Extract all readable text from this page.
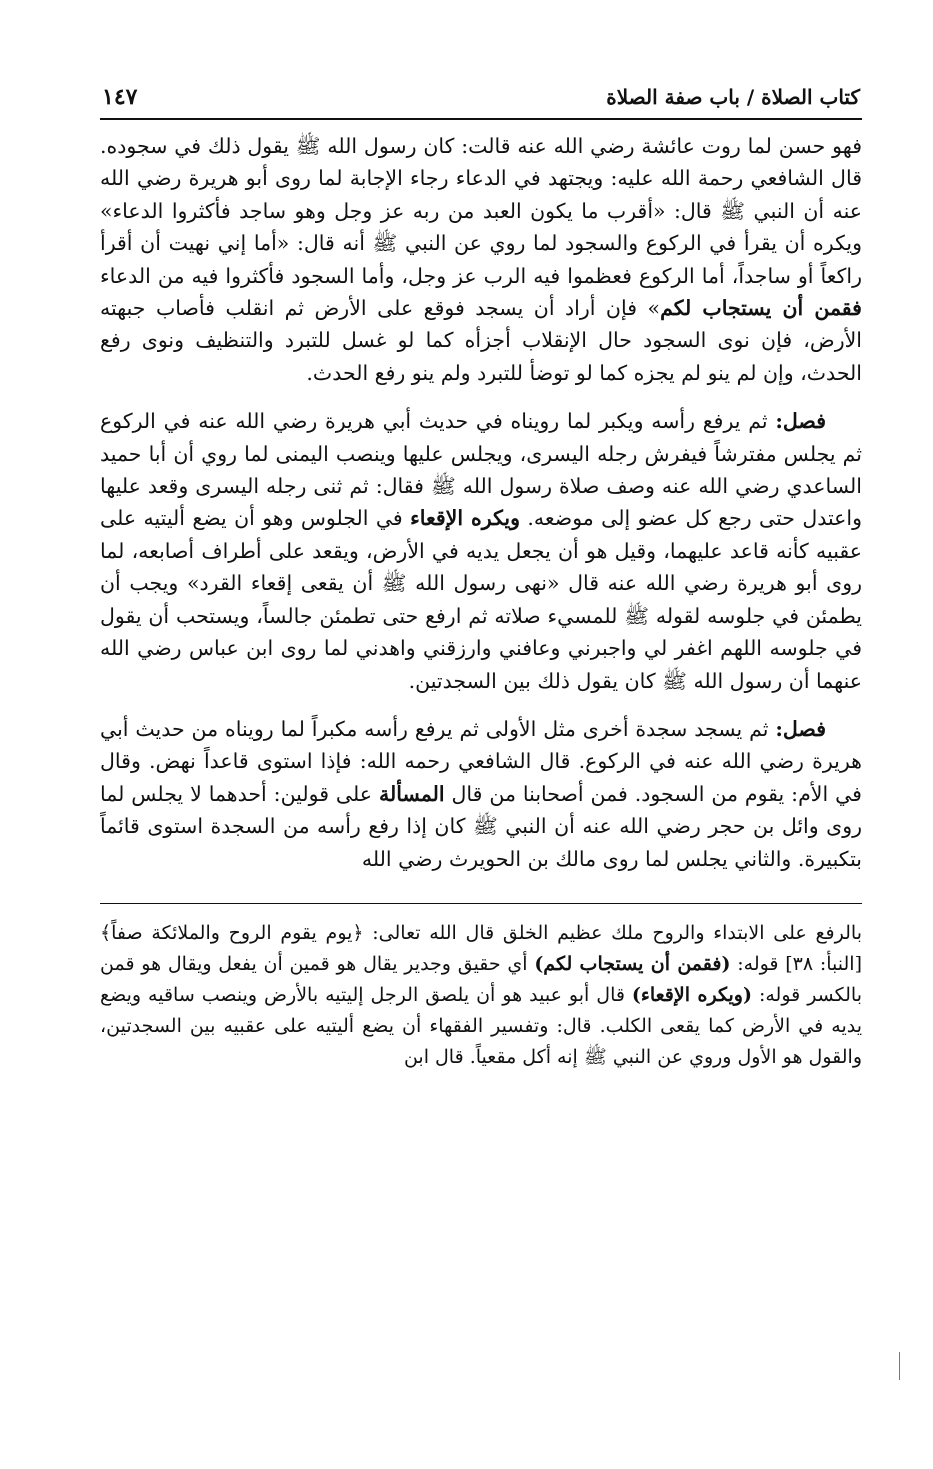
كتاب الصلاة / باب صفة الصلاة
١٤٧

فهو حسن لما روت عائشة رضي الله عنه قالت: كان رسول الله ﷺ يقول ذلك في سجوده. قال الشافعي رحمة الله عليه: ويجتهد في الدعاء رجاء الإجابة لما روى أبو هريرة رضي الله عنه أن النبي ﷺ قال: «أقرب ما يكون العبد من ربه عز وجل وهو ساجد فأكثروا الدعاء» ويكره أن يقرأ في الركوع والسجود لما روي عن النبي ﷺ أنه قال: «أما إني نهيت أن أقرأ راكعاً أو ساجداً، أما الركوع فعظموا فيه الرب عز وجل، وأما السجود فأكثروا فيه من الدعاء فقمن أن يستجاب لكم» فإن أراد أن يسجد فوقع على الأرض ثم انقلب فأصاب جبهته الأرض، فإن نوى السجود حال الإنقلاب أجزأه كما لو غسل للتبرد والتنظيف ونوى رفع الحدث، وإن لم ينو لم يجزه كما لو توضأ للتبرد ولم ينو رفع الحدث.

فصل: ثم يرفع رأسه ويكبر لما رويناه في حديث أبي هريرة رضي الله عنه في الركوع ثم يجلس مفترشاً فيفرش رجله اليسرى، ويجلس عليها وينصب اليمنى لما روي أن أبا حميد الساعدي رضي الله عنه وصف صلاة رسول الله ﷺ فقال: ثم ثنى رجله اليسرى وقعد عليها واعتدل حتى رجع كل عضو إلى موضعه. ويكره الإقعاء في الجلوس وهو أن يضع أليتيه على عقبيه كأنه قاعد عليهما، وقيل هو أن يجعل يديه في الأرض، ويقعد على أطراف أصابعه، لما روى أبو هريرة رضي الله عنه قال «نهى رسول الله ﷺ أن يقعى إقعاء القرد» ويجب أن يطمئن في جلوسه لقوله ﷺ للمسيء صلاته ثم ارفع حتى تطمئن جالساً، ويستحب أن يقول في جلوسه اللهم اغفر لي واجبرني وعافني وارزقني واهدني لما روى ابن عباس رضي الله عنهما أن رسول الله ﷺ كان يقول ذلك بين السجدتين.

فصل: ثم يسجد سجدة أخرى مثل الأولى ثم يرفع رأسه مكبراً لما رويناه من حديث أبي هريرة رضي الله عنه في الركوع. قال الشافعي رحمه الله: فإذا استوى قاعداً نهض. وقال في الأم: يقوم من السجود. فمن أصحابنا من قال المسألة على قولين: أحدهما لا يجلس لما روى وائل بن حجر رضي الله عنه أن النبي ﷺ كان إذا رفع رأسه من السجدة استوى قائماً بتكبيرة. والثاني يجلس لما روى مالك بن الحويرث رضي الله

بالرفع على الابتداء والروح ملك عظيم الخلق قال الله تعالى: ﴿يوم يقوم الروح والملائكة صفاً﴾[النبأ: ٣٨] قوله: (فقمن أن يستجاب لكم) أي حقيق وجدير يقال هو قمين أن يفعل ويقال هو قمن بالكسر قوله: (ويكره الإقعاء) قال أبو عبيد هو أن يلصق الرجل إليتيه بالأرض وينصب ساقيه ويضع يديه في الأرض كما يقعى الكلب. قال: وتفسير الفقهاء أن يضع أليتيه على عقبيه بين السجدتين، والقول هو الأول وروي عن النبي ﷺ إنه أكل مقعياً. قال ابن
